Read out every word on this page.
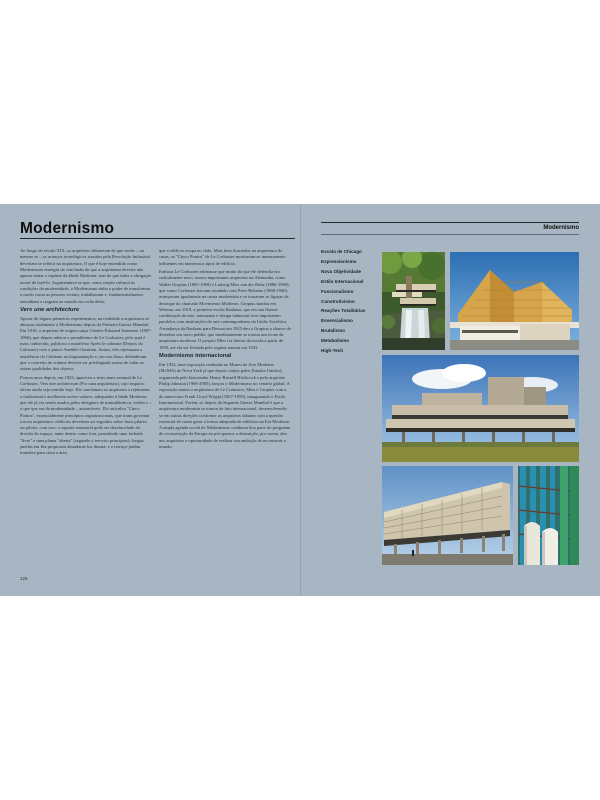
Modernismo

Ao longo do século XIX, os arquitetos debateram de que modo – ou mesmo se – os avanços tecnológicos trazidos pela Revolução Industrial deveriam se refletir na arquitetura. O que é hoje entendido como Modernismo emergiu da conclusão de que a arquitetura deveria não apenas tentar o espírito da Idade Moderna, mas de que tinha a obrigação moral de fazê-lo. Argumentava-se que, como reação cultural às condições da modernidade, o Modernismo tinha o poder de transformar o modo como as pessoas viviam, trabalhavam e, fundamentalmente, entendiam e reagiam ao mundo em volta delas.

Vers une architecture

Apesar de alguns primeiros experimentos, na realidade a arquitetura só abraçou totalmente o Modernismo depois da Primeira Guerra Mundial. Em 1918, o arquiteto de origem suíça Charles-Édouard Jeanneret (1887-1966), que depois adotou o pseudônimo de Le Corbusier, pelo qual é mais conhecido, publicou o manifesto Après le cubisme (Depois do Cubismo) com o pintor Amédée Ozenfant. Juntos, eles rejeitaram a insistência do Cubismo na fragmentação e, em vez disso, defenderam que o conceito de volume deveria ser privilegiado acima de todas as outras qualidades dos objetos.

Poucos anos depois, em 1923, apareceu o texto mais seminal de Le Corbusier, Vers une architecture (Por uma arquitetura), cujo impacto talvez ainda seja sentido hoje. Ele conclamou os arquitetos a rejeitarem o tradicional e acolherem novos valores, adequados à Idade Moderna, que ele já via sendo usados pelos designers de transatlânticos, aviões e – o que que era da modernidade – automóveis. Ele articulou "Cinco Pontos", essencialmente princípios organizacionais, que iriam governar a nova arquitetura: edifícios deveriam ser erguidos sobre finos pilares, ou pilotis; com isso, o suporte estrutural pode ser desvinculado da divisão do espaço, tanto dentro como fora, permitindo uma fachada "livre" e uma planta "aberta" (segundo o terceiro princípios); longas janelas em fita propiciam abundante luz diurna; e o terraço-jardim transfere para cima a área

que o edifício ocupa no chão. Mais bem ilustrados na arquitetura de casas, os "Cinco Pontos" de Le Corbusier mostraram-se imensamente influentes em numerosos tipos de edifício.

Embora Le Corbusier afirmasse que muito do que ele defendia era radicalmente novo, outros importantes arquitetos na Alemanha, como Walter Gropius (1883-1969) e Ludwig Mies van der Rohe (1886-1969), que como Corbusier haviam estudado com Peter Behrens (1868-1940), avançavam igualmente na causa modernista e se tornaram as figuras de destaque do chamado Movimento Moderno. Gropius fundou em Weimar, em 1919, a primeira escola Bauhaus, que em sua fluente combinação de arte, artesanato e design industrial teve importantes paralelos com instituições de arte contemporâneas da União Soviética. A mudança da Bauhaus para Dessau em 1925 deu a Gropius a chance de desenhar seu novo prédio, que imediatamente se tornou um ícone da arquitetura moderna. O próprio Mies foi diretor da escola a partir de 1930, até ela ser fechada pelo regime nazista em 1933.

Modernismo internacional

Em 1932, uma exposição realizada no Museu de Arte Moderna (MoMA) de Nova York já que depois viajou pelos Estados Unidos), organizada pelo historiador Henry-Russell Hitchcock e pelo arquiteto Philip Johnson (1906-2005), lançou o Modernismo no cenário global. A exposição munia a arquitetura de Le Corbusier, Mies e Gropius com a do americano Frank Lloyd Wright (1867-1959), inaugurando o Estilo Internacional. Porém, só depois da Segunda Guerra Mundial é que a arquitetura modernista se tornou de fato internacional, desenvolvendo-se em outras direções conforme os arquitetos falaram com a questão essencial de como gerar a forma adequada de edifícios na Era Moderna. A ampla agenda social do Modernismo conduziu boa parte do programa de reconstrução da Europa no pós-guerra; a destruição, por ironia, deu aos arquitetos a oportunidade de realizar sua ambição de reconstruir o mundo.

126
Modernismo
Escola de Chicago
Expressionismo
Nova Objetividade
Estilo Internacional
Funcionalismo
Construtivismo
Reações Totalitárias
Essencialismo
Brutalismo
Metabolismo
High-Tech
